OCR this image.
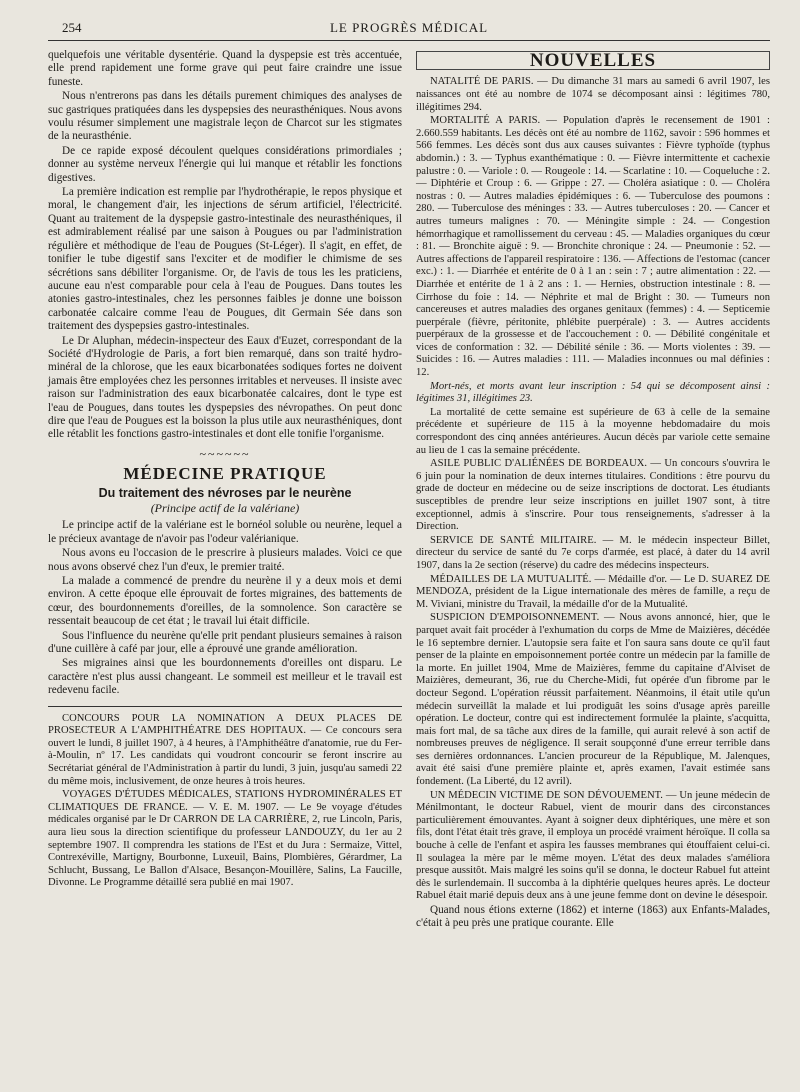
254	LE PROGRÈS MÉDICAL

quelquefois une véritable dysentérie. Quand la dyspepsie est très accentuée, elle prend rapidement une forme grave qui peut faire craindre une issue funeste.

Nous n'entrerons pas dans les détails purement chimiques des analyses de suc gastriques pratiquées dans les dyspepsies des neurasthéniques. Nous avons voulu résumer simplement une magistrale leçon de Charcot sur les stigmates de la neurasthénie.

De ce rapide exposé découlent quelques considérations primordiales ; donner au système nerveux l'énergie qui lui manque et rétablir les fonctions digestives.

La première indication est remplie par l'hydrothérapie, le repos physique et moral, le changement d'air, les injections de sérum artificiel, l'électricité. Quant au traitement de la dyspepsie gastro-intestinale des neurasthéniques, il est admirablement réalisé par une saison à Pougues ou par l'administration régulière et méthodique de l'eau de Pougues (St-Léger). Il s'agit, en effet, de tonifier le tube digestif sans l'exciter et de modifier le chimisme de ses sécrétions sans débiliter l'organisme. Or, de l'avis de tous les les praticiens, aucune eau n'est comparable pour cela à l'eau de Pougues. Dans toutes les atonies gastro-intestinales, chez les personnes faibles je donne une boisson carbonatée calcaire comme l'eau de Pougues, dit Germain Sée dans son traitement des dyspepsies gastro-intestinales.

Le Dr Aluphan, médecin-inspecteur des Eaux d'Euzet, correspondant de la Société d'Hydrologie de Paris, a fort bien remarqué, dans son traité hydro-minéral de la chlorose, que les eaux bicarbonatées sodiques fortes ne doivent jamais être employées chez les personnes irritables et nerveuses. Il insiste avec raison sur l'administration des eaux bicarbonatée calcaires, dont le type est l'eau de Pougues, dans toutes les dyspepsies des névropathes. On peut donc dire que l'eau de Pougues est la boisson la plus utile aux neurasthéniques, dont elle rétablit les fonctions gastro-intestinales et dont elle tonifie l'organisme.

~~~~~~
MÉDECINE PRATIQUE
Du traitement des névroses par le neurène
(Principe actif de la valériane)

Le principe actif de la valériane est le bornéol soluble ou neurène, lequel a le précieux avantage de n'avoir pas l'odeur valérianique.

Nous avons eu l'occasion de le prescrire à plusieurs malades. Voici ce que nous avons observé chez l'un d'eux, le premier traité.

La malade a commencé de prendre du neurène il y a deux mois et demi environ. A cette époque elle éprouvait de fortes migraines, des battements de cœur, des bourdonnements d'oreilles, de la somnolence. Son caractère se ressentait beaucoup de cet état ; le travail lui était difficile.

Sous l'influence du neurène qu'elle prit pendant plusieurs semaines à raison d'une cuillère à café par jour, elle a éprouvé une grande amélioration.

Ses migraines ainsi que les bourdonnements d'oreilles ont disparu. Le caractère n'est plus aussi changeant. Le sommeil est meilleur et le travail est redevenu facile.

CONCOURS POUR LA NOMINATION A DEUX PLACES DE PROSECTEUR A L'AMPHITHÉATRE DES HOPITAUX. — Ce concours sera ouvert le lundi, 8 juillet 1907, à 4 heures, à l'Amphithéâtre d'anatomie, rue du Fer-à-Moulin, nº 17. Les candidats qui voudront concourir se feront inscrire au Secrétariat général de l'Administration à partir du lundi, 3 juin, jusqu'au samedi 22 du même mois, inclusivement, de onze heures à trois heures.

VOYAGES D'ÉTUDES MÉDICALES, STATIONS HYDROMINÉRALES ET CLIMATIQUES DE FRANCE. — V. E. M. 1907. — Le 9e voyage d'études médicales organisé par le Dr CARRON DE LA CARRIÈRE, 2, rue Lincoln, Paris, aura lieu sous la direction scientifique du professeur LANDOUZY, du 1er au 2 septembre 1907. Il comprendra les stations de l'Est et du Jura : Sermaize, Vittel, Contrexéville, Martigny, Bourbonne, Luxeuil, Bains, Plombières, Gérardmer, La Schlucht, Bussang, Le Ballon d'Alsace, Besançon-Mouillère, Salins, La Faucille, Divonne. Le Programme détaillé sera publié en mai 1907.

NOUVELLES

NATALITÉ DE PARIS. — Du dimanche 31 mars au samedi 6 avril 1907, les naissances ont été au nombre de 1074 se décomposant ainsi : légitimes 780, illégitimes 294.

MORTALITÉ A PARIS. — Population d'après le recensement de 1901 : 2.660.559 habitants. Les décès ont été au nombre de 1162, savoir : 596 hommes et 566 femmes. Les décès sont dus aux causes suivantes : Fièvre typhoïde (typhus abdomin.) : 3. — Typhus exanthématique : 0. — Fièvre intermittente et cachexie palustre : 0. — Variole : 0. — Rougeole : 14. — Scarlatine : 10. — Coqueluche : 2. — Diphtérie et Croup : 6. — Grippe : 27. — Choléra asiatique : 0. — Choléra nostras : 0. — Autres maladies épidémiques : 6. — Tuberculose des poumons : 280. — Tuberculose des méninges : 33. — Autres tuberculoses : 20. — Cancer et autres tumeurs malignes : 70. — Méningite simple : 24. — Congestion hémorrhagique et ramollissement du cerveau : 45. — Maladies organiques du cœur : 81. — Bronchite aiguë : 9. — Bronchite chronique : 24. — Pneumonie : 52. — Autres affections de l'appareil respiratoire : 136. — Affections de l'estomac (cancer exc.) : 1. — Diarrhée et entérite de 0 à 1 an : sein : 7 ; autre alimentation : 22. — Diarrhée et entérite de 1 à 2 ans : 1. — Hernies, obstruction intestinale : 8. — Cirrhose du foie : 14. — Néphrite et mal de Bright : 30. — Tumeurs non cancereuses et autres maladies des organes genitaux (femmes) : 4. — Septicemie puerpérale (fièvre, péritonite, phlébite puerpérale) : 3. — Autres accidents puerpéraux de la grossesse et de l'accouchement : 0. — Débilité congénitale et vices de conformation : 32. — Débilité sénile : 36. — Morts violentes : 39. — Suicides : 16. — Autres maladies : 111. — Maladies inconnues ou mal définies : 12.

Mort-nés, et morts avant leur inscription : 54 qui se décomposent ainsi : légitimes 31, illégitimes 23.

La mortalité de cette semaine est supérieure de 63 à celle de la semaine précédente et supérieure de 115 à la moyenne hebdomadaire du mois correspondont des cinq années antérieures. Aucun décès par variole cette semaine au lieu de 1 cas la semaine précédente.

ASILE PUBLIC D'ALIÉNÉES DE BORDEAUX. — Un concours s'ouvrira le 6 juin pour la nomination de deux internes titulaires. Conditions : être pourvu du grade de docteur en médecine ou de seize inscriptions de doctorat. Les étudiants susceptibles de prendre leur seize inscriptions en juillet 1907 sont, à titre exceptionnel, admis à s'inscrire. Pour tous renseignements, s'adresser à la Direction.

SERVICE DE SANTÉ MILITAIRE. — M. le médecin inspecteur Billet, directeur du service de santé du 7e corps d'armée, est placé, à dater du 14 avril 1907, dans la 2e section (réserve) du cadre des médecins inspecteurs.

MÉDAILLES DE LA MUTUALITÉ. — Médaille d'or. — Le D. SUAREZ DE MENDOZA, président de la Ligue internationale des mères de famille, a reçu de M. Viviani, ministre du Travail, la médaille d'or de la Mutualité.

SUSPICION D'EMPOISONNEMENT. — Nous avons annoncé, hier, que le parquet avait fait procéder à l'exhumation du corps de Mme de Maizières, décédée le 16 septembre dernier. L'autopsie sera faite et l'on saura sans doute ce qu'il faut penser de la plainte en empoisonnement portée contre un médecin par la famille de la morte. En juillet 1904, Mme de Maizières, femme du capitaine d'Alviset de Maizières, demeurant, 36, rue du Cherche-Midi, fut opérée d'un fibrome par le docteur Segond. L'opération réussit parfaitement. Néanmoins, il était utile qu'un médecin surveillât la malade et lui prodiguât les soins d'usage après pareille opération. Le docteur, contre qui est indirectement formulée la plainte, s'acquitta, mais fort mal, de sa tâche aux dires de la famille, qui aurait relevé à son actif de nombreuses preuves de négligence. Il serait soupçonné d'une erreur terrible dans ses dernières ordonnances. L'ancien procureur de la République, M. Jalenques, avait été saisi d'une première plainte et, après examen, l'avait estimée sans fondement. (La Liberté, du 12 avril).

UN MÉDECIN VICTIME DE SON DÉVOUEMENT. — Un jeune médecin de Ménilmontant, le docteur Rabuel, vient de mourir dans des circonstances particulièrement émouvantes. Ayant à soigner deux diphtériques, une mère et son fils, dont l'état était très grave, il employa un procédé vraiment héroïque. Il colla sa bouche à celle de l'enfant et aspira les fausses membranes qui étouffaient celui-ci. Il soulagea la mère par le même moyen. L'état des deux malades s'améliora presque aussitôt. Mais malgré les soins qu'il se donna, le docteur Rabuel fut atteint dès le surlendemain. Il succomba à la diphtérie quelques heures après. Le docteur Rabuel était marié depuis deux ans à une jeune femme dont on devine le désespoir.

Quand nous étions externe (1862) et interne (1863) aux Enfants-Malades, c'était à peu près une pratique courante. Elle
